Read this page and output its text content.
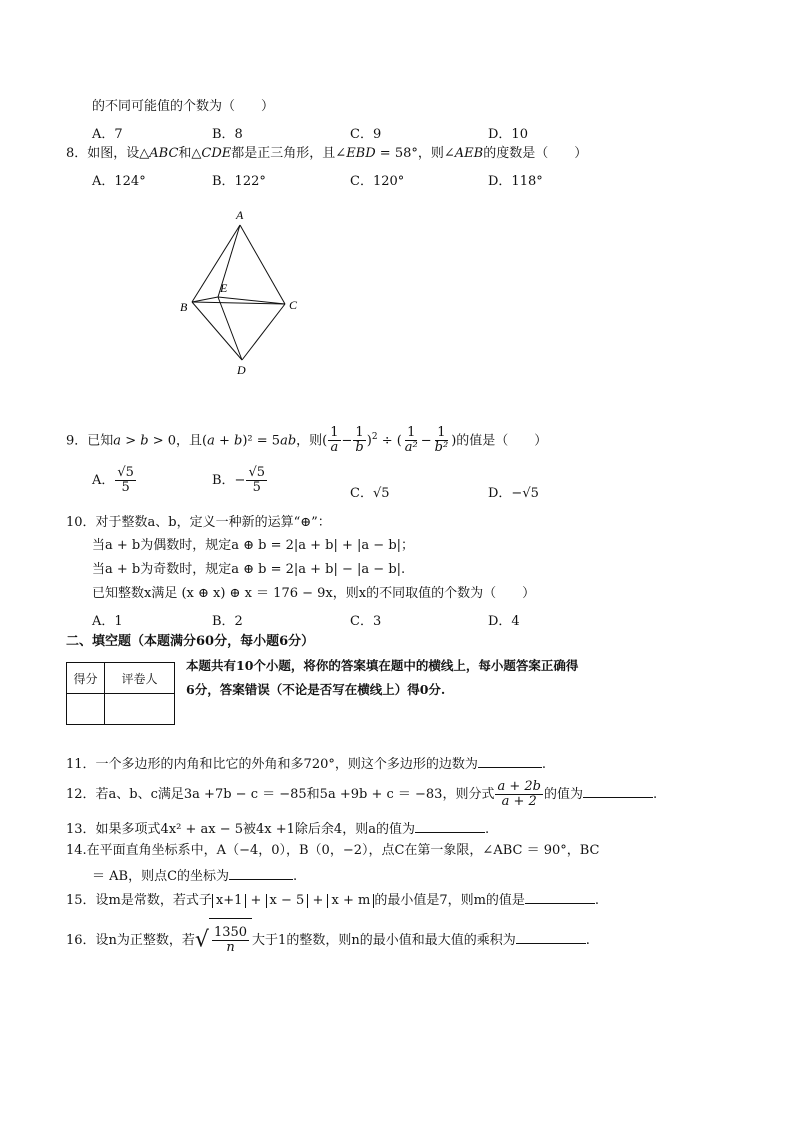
的不同可能值的个数为（　　）
A．7	B．8	C．9	D．10
8．如图，设△ABC和△CDE都是正三角形，且∠EBD = 58°，则∠AEB的度数是（　　）
A．124°	B．122°	C．120°	D．118°
A
B	C
D
E
9．已知a > b > 0，且(a + b)² = 5ab，则( $\frac{1}{a} - \frac{1}{b} )^2$ ÷ ( $\frac{1}{\text{a²}} - \frac{1}{\text{b²}}$ )的值是（　　）
A． $\frac{√5}{5}$	B．− $\frac{√5}{5}$	C．√5	D．−√5
10．对于整数a、b，定义一种新的运算“⊕”：
当a + b为偶数时，规定a ⊕ b = 2|a + b| + |a − b|；
当a + b为奇数时，规定a ⊕ b = 2|a + b| − |a − b|.
已知整数x满足 (x ⊕ x) ⊕ x ＝ 176 − 9x，则x的不同取值的个数为（　　）
A．1	B．2	C．3	D．4
二、填空题（本题满分60分，每小题6分）
得分	评卷人

本题共有10个小题，将你的答案填在题中的横线上，每小题答案正确得
6分，答案错误（不论是否写在横线上）得0分.
11．一个多边形的内角和比它的外角和多720°，则这个多边形的边数为	.
12．若a、b、c满足3a +7b − c ＝ −85和5a +9b + c ＝ −83，则分式 $\frac{a + 2b}{a + 2}$ 的值为	.
13．如果多项式4x² + ax − 5被4x +1除后余4，则a的值为	.
14.在平面直角坐标系中，A（−4，0），B（0，−2），点C在第一象限，∠ABC ＝ 90°，BC
＝ AB，则点C的坐标为	.
15．设m是常数，若式子 x+1 + x − 5 + x + m 的最小值是7，则m的值是	.
16．设n为正整数，若√ $\frac{1350}{n}$ 大于1的整数，则n的最小值和最大值的乘积为	.
